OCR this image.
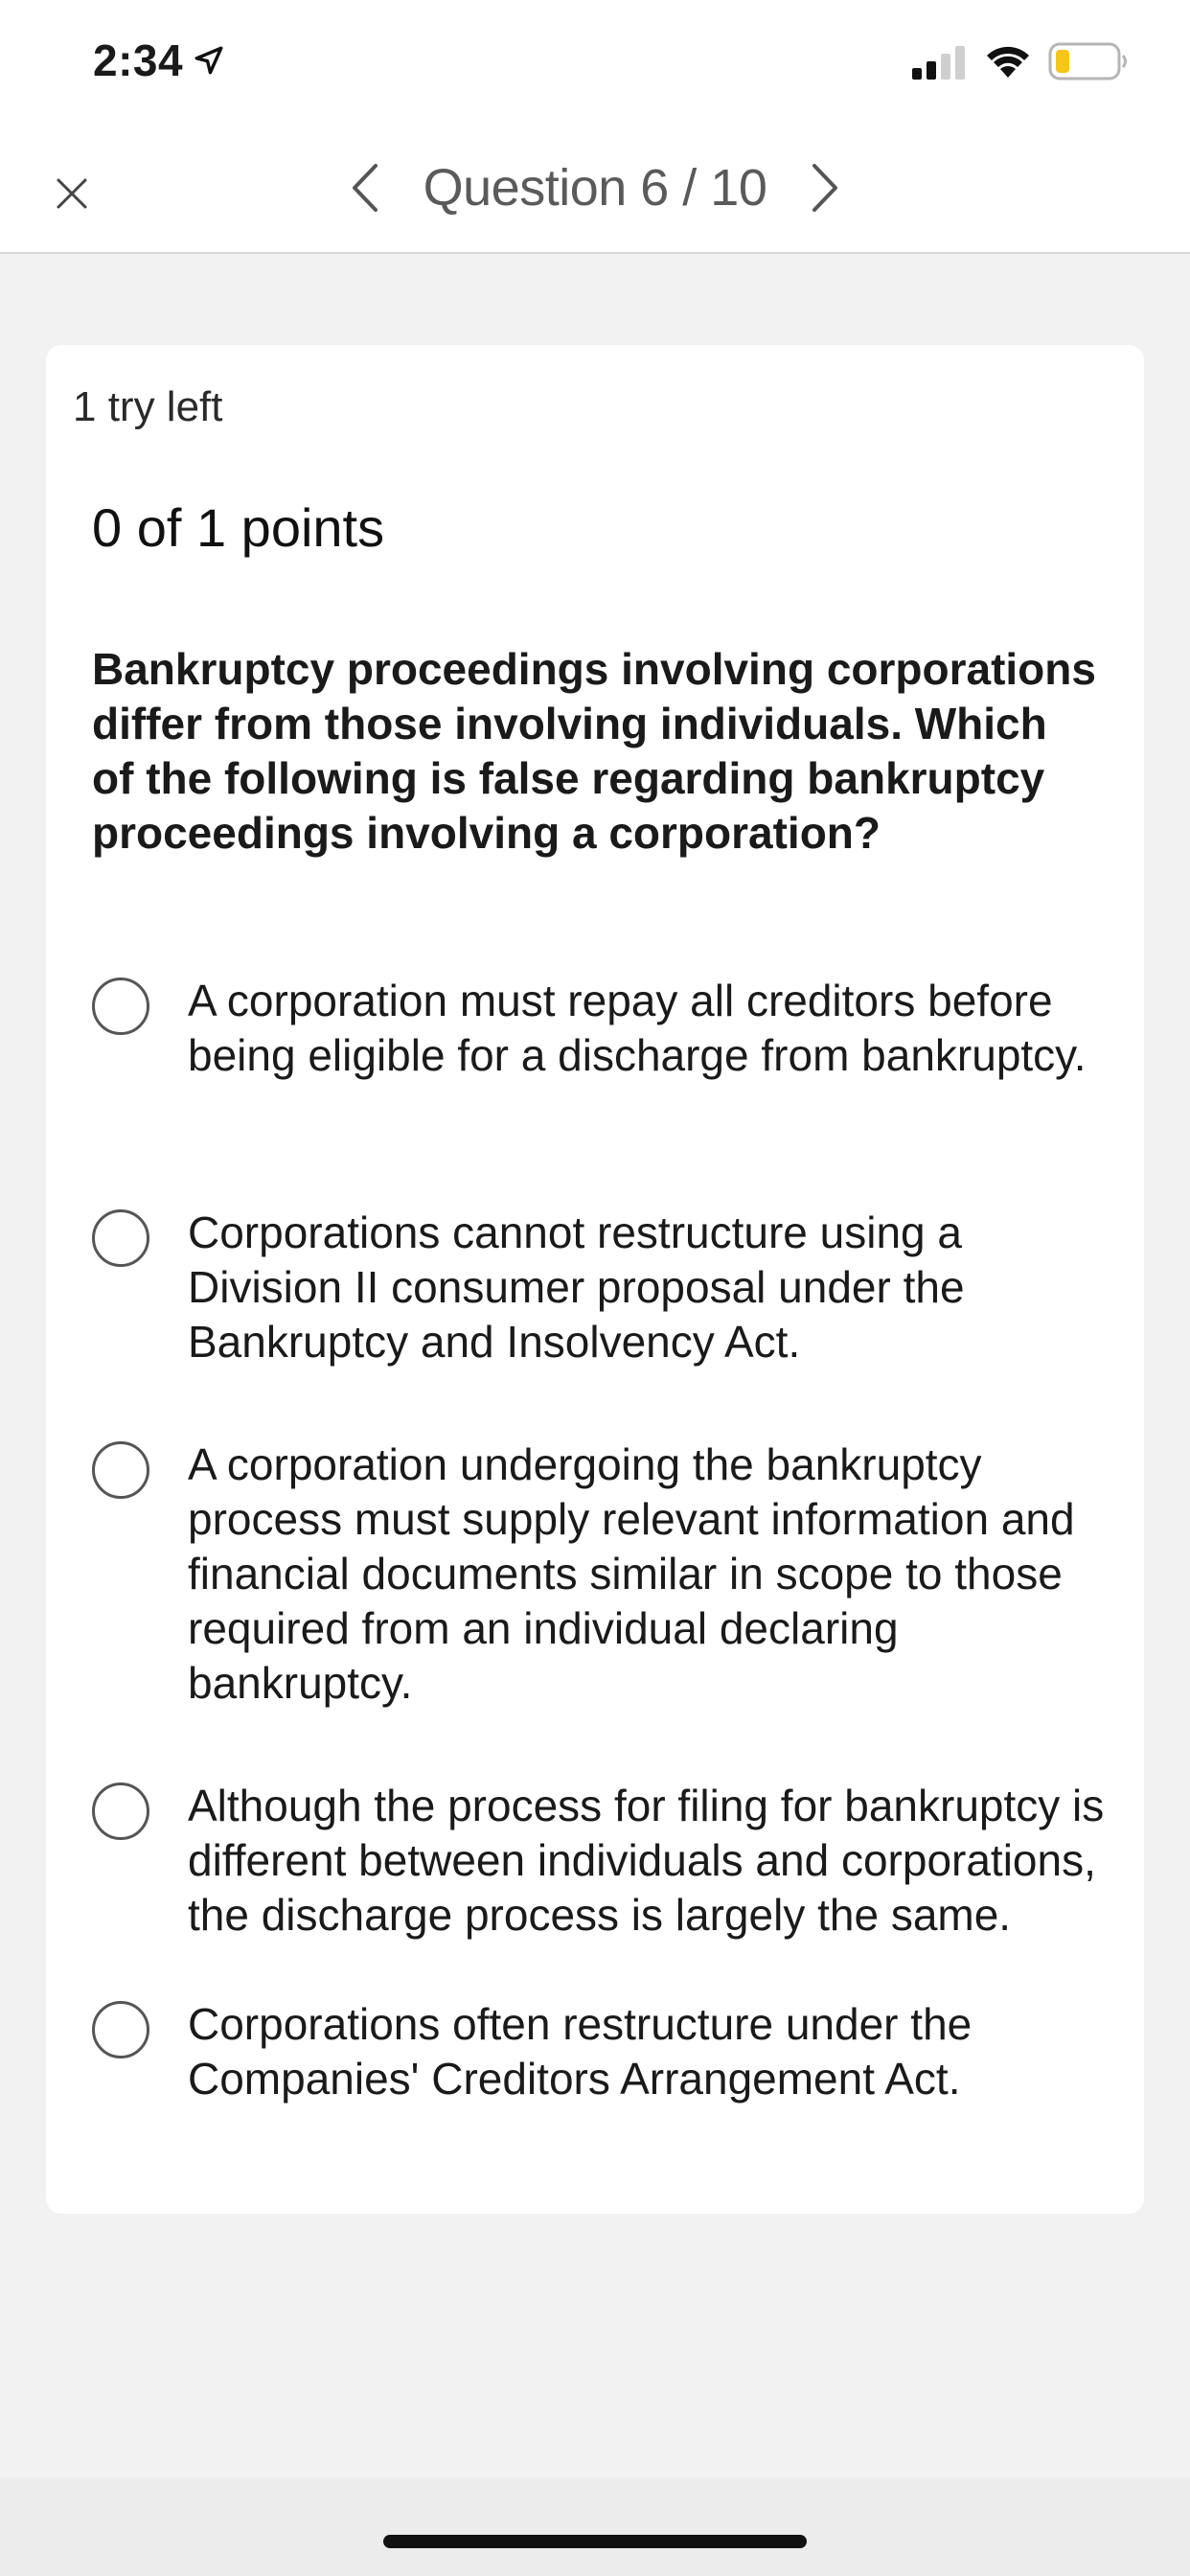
2:34
Question 6 / 10
1 try left
0 of 1 points
Bankruptcy proceedings involving corporations differ from those involving individuals. Which of the following is false regarding bankruptcy proceedings involving a corporation?
A corporation must repay all creditors before being eligible for a discharge from bankruptcy.
Corporations cannot restructure using a Division II consumer proposal under the Bankruptcy and Insolvency Act.
A corporation undergoing the bankruptcy process must supply relevant information and financial documents similar in scope to those required from an individual declaring bankruptcy.
Although the process for filing for bankruptcy is different between individuals and corporations, the discharge process is largely the same.
Corporations often restructure under the Companies' Creditors Arrangement Act.
